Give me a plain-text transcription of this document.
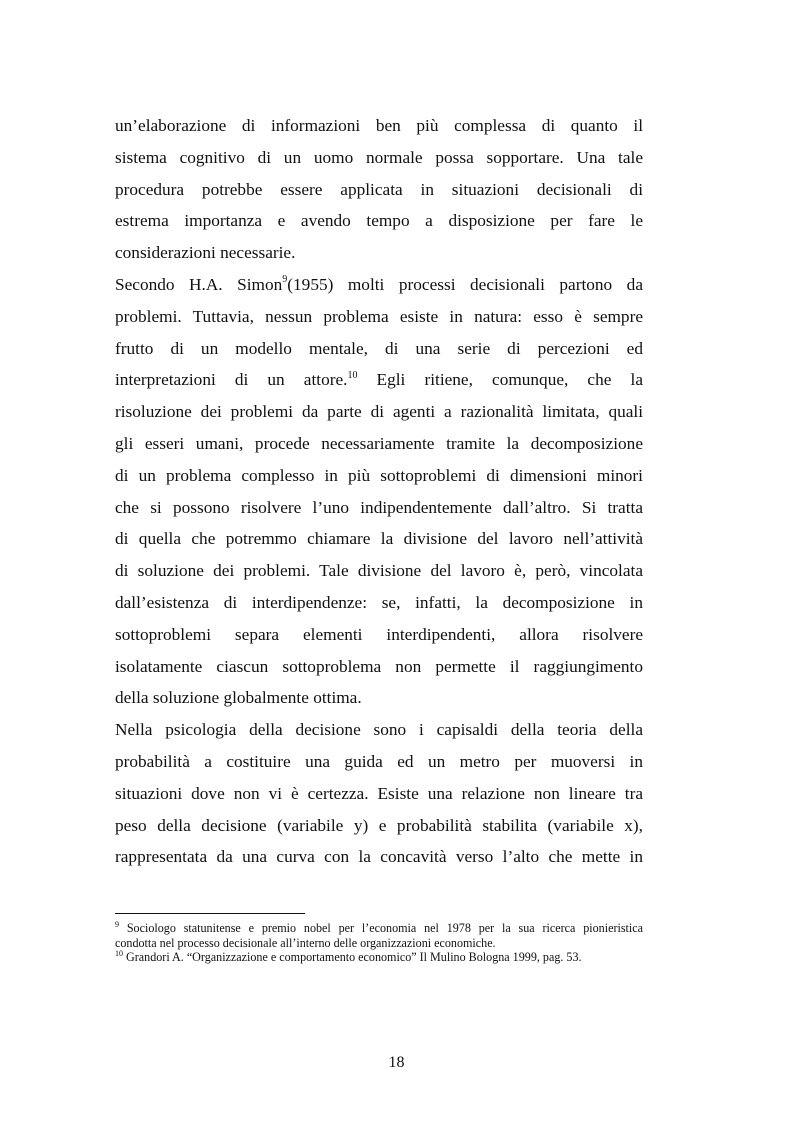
un’elaborazione di informazioni ben più complessa di quanto il
sistema cognitivo di un uomo normale possa sopportare. Una tale
procedura potrebbe essere applicata in situazioni decisionali di
estrema importanza e avendo tempo a disposizione per fare le
considerazioni necessarie.

Secondo H.A. Simon$^9$(1955) molti processi decisionali partono da
problemi. Tuttavia, nessun problema esiste in natura: esso è sempre
frutto di un modello mentale, di una serie di percezioni ed
interpretazioni di un attore.$^{10}$ Egli ritiene, comunque, che la
risoluzione dei problemi da parte di agenti a razionalità limitata, quali
gli esseri umani, procede necessariamente tramite la decomposizione
di un problema complesso in più sottoproblemi di dimensioni minori
che si possono risolvere l’uno indipendentemente dall’altro. Si tratta
di quella che potremmo chiamare la divisione del lavoro nell’attività
di soluzione dei problemi. Tale divisione del lavoro è, però, vincolata
dall’esistenza di interdipendenze: se, infatti, la decomposizione in
sottoproblemi separa elementi interdipendenti, allora risolvere
isolatamente ciascun sottoproblema non permette il raggiungimento
della soluzione globalmente ottima.

Nella psicologia della decisione sono i capisaldi della teoria della
probabilità a costituire una guida ed un metro per muoversi in
situazioni dove non vi è certezza. Esiste una relazione non lineare tra
peso della decisione (variabile y) e probabilità stabilita (variabile x),
rappresentata da una curva con la concavità verso l’alto che mette in

$^9$ Sociologo statunitense e premio nobel per l’economia nel 1978 per la sua ricerca pionieristica
condotta nel processo decisionale all’interno delle organizzazioni economiche.
$^{10}$ Grandori A. “Organizzazione e comportamento economico” Il Mulino Bologna 1999, pag. 53.
18
